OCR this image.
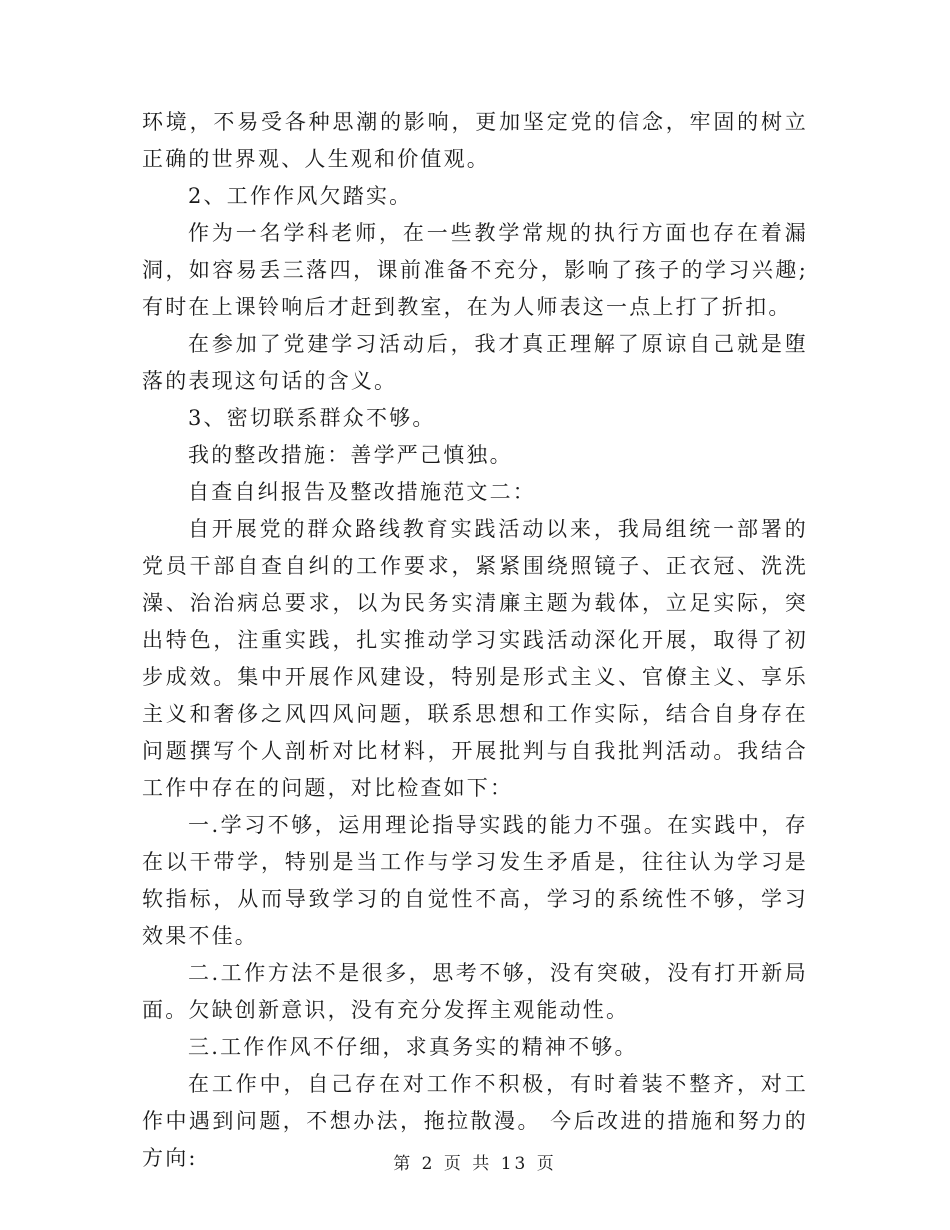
环境，不易受各种思潮的影响，更加坚定党的信念，牢固的树立正确的世界观、人生观和价值观。

2、工作作风欠踏实。

作为一名学科老师，在一些教学常规的执行方面也存在着漏洞，如容易丢三落四，课前准备不充分，影响了孩子的学习兴趣;有时在上课铃响后才赶到教室，在为人师表这一点上打了折扣。

在参加了党建学习活动后，我才真正理解了原谅自己就是堕落的表现这句话的含义。

3、密切联系群众不够。

我的整改措施：善学严己慎独。

自查自纠报告及整改措施范文二：

自开展党的群众路线教育实践活动以来，我局组统一部署的党员干部自查自纠的工作要求，紧紧围绕照镜子、正衣冠、洗洗澡、治治病总要求，以为民务实清廉主题为载体，立足实际，突出特色，注重实践，扎实推动学习实践活动深化开展，取得了初步成效。集中开展作风建设，特别是形式主义、官僚主义、享乐主义和奢侈之风四风问题，联系思想和工作实际，结合自身存在问题撰写个人剖析对比材料，开展批判与自我批判活动。我结合工作中存在的问题，对比检查如下：

一.学习不够，运用理论指导实践的能力不强。在实践中，存在以干带学，特别是当工作与学习发生矛盾是，往往认为学习是软指标，从而导致学习的自觉性不高，学习的系统性不够，学习效果不佳。

二.工作方法不是很多，思考不够，没有突破，没有打开新局面。欠缺创新意识，没有充分发挥主观能动性。

三.工作作风不仔细，求真务实的精神不够。

在工作中，自己存在对工作不积极，有时着装不整齐，对工作中遇到问题，不想办法，拖拉散漫。 今后改进的措施和努力的方向:	第 2 页 共 13 页
